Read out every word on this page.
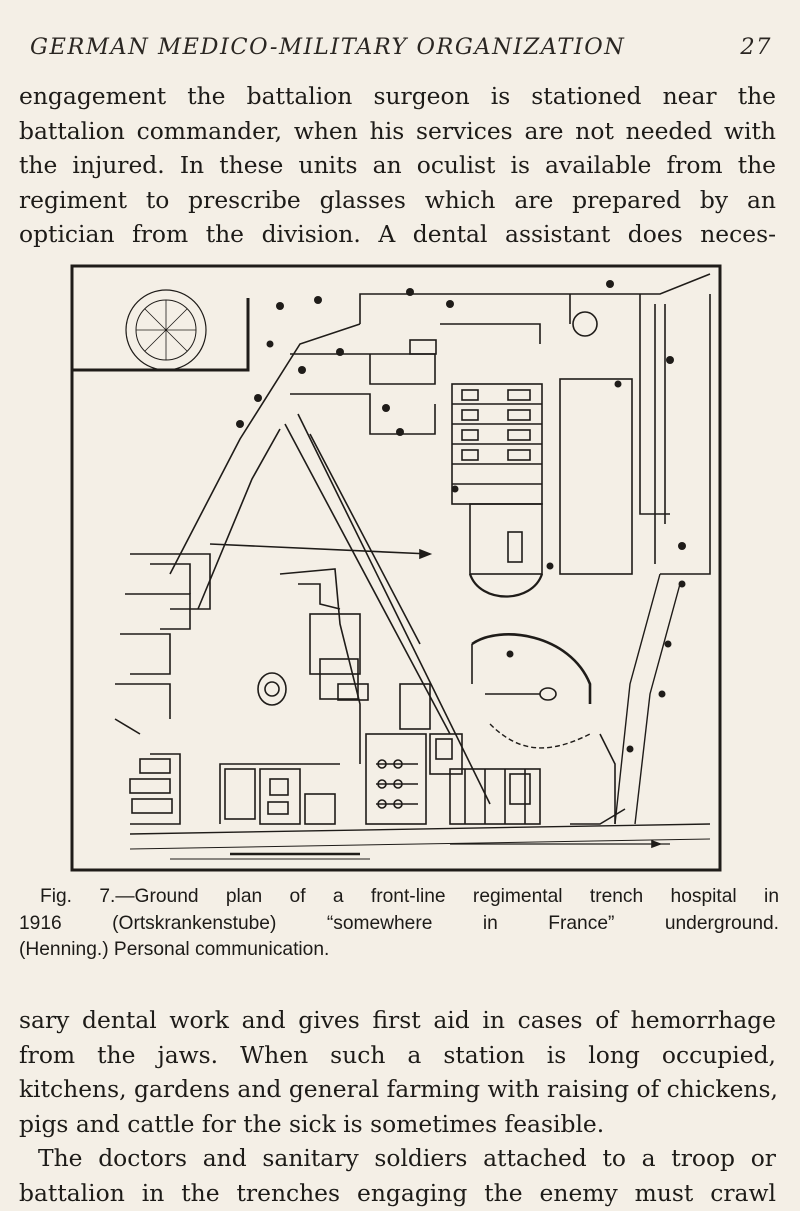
GERMAN MEDICO-MILITARY ORGANIZATION	27
engagement the battalion surgeon is stationed near the
battalion commander, when his services are not needed with
the injured. In these units an oculist is available from the
regiment to prescribe glasses which are prepared by an
optician from the division. A dental assistant does neces-
Fig. 7.—Ground plan of a front-line regimental trench hospital in
1916 (Ortskrankenstube) “somewhere in France” underground.
(Henning.) Personal communication.
sary dental work and gives first aid in cases of hemorrhage
from the jaws. When such a station is long occupied,
kitchens, gardens and general farming with raising of chickens,
pigs and cattle for the sick is sometimes feasible.
The doctors and sanitary soldiers attached to a troop or
battalion in the trenches engaging the enemy must crawl
